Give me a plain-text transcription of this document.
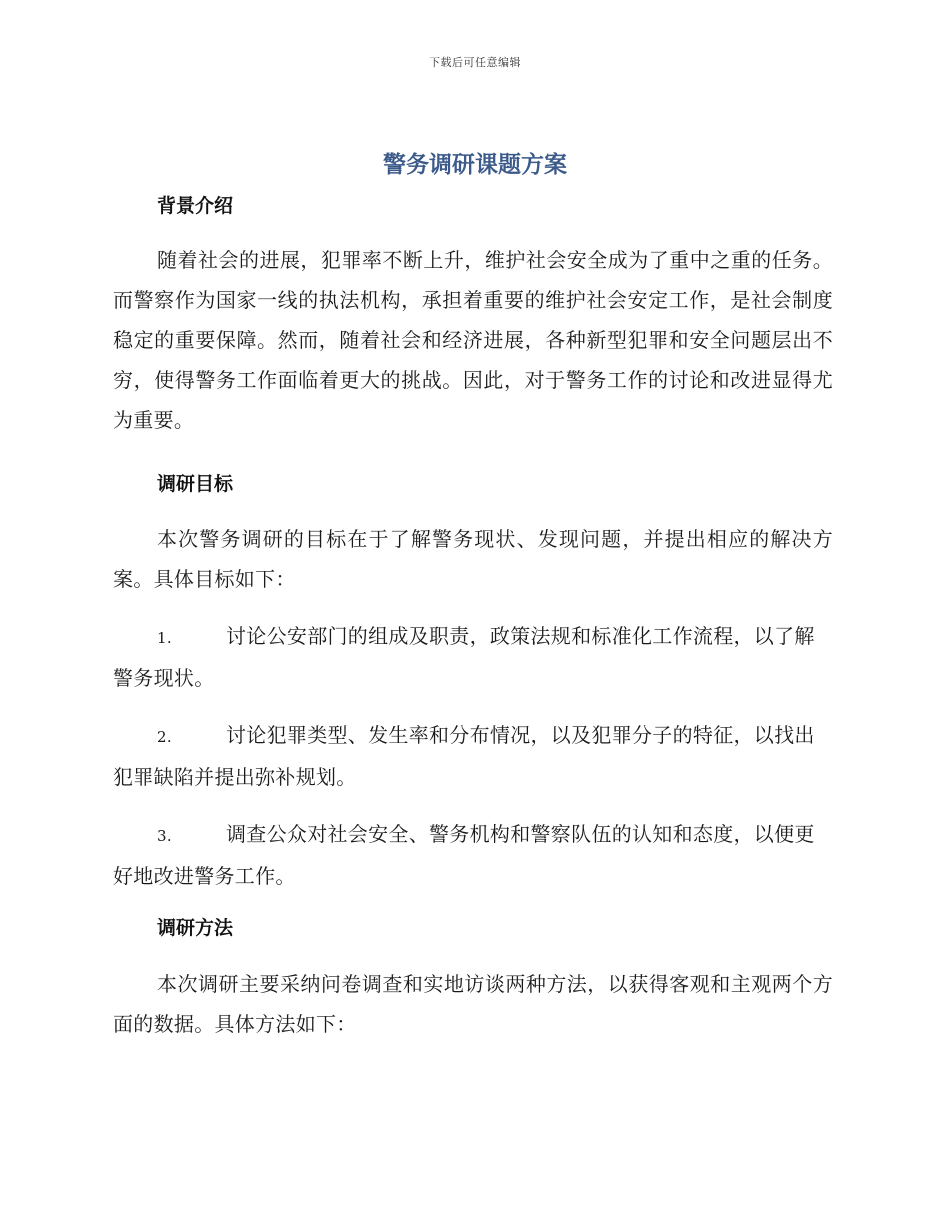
下载后可任意编辑
警务调研课题方案
背景介绍

随着社会的进展，犯罪率不断上升，维护社会安全成为了重中之重的任务。而警察作为国家一线的执法机构，承担着重要的维护社会安定工作，是社会制度稳定的重要保障。然而，随着社会和经济进展，各种新型犯罪和安全问题层出不穷，使得警务工作面临着更大的挑战。因此，对于警务工作的讨论和改进显得尤为重要。

调研目标

本次警务调研的目标在于了解警务现状、发现问题，并提出相应的解决方案。具体目标如下：

1.	讨论公安部门的组成及职责，政策法规和标准化工作流程，以了解警务现状。
2.	讨论犯罪类型、发生率和分布情况，以及犯罪分子的特征，以找出犯罪缺陷并提出弥补规划。
3.	调查公众对社会安全、警务机构和警察队伍的认知和态度，以便更好地改进警务工作。
调研方法

本次调研主要采纳问卷调查和实地访谈两种方法，以获得客观和主观两个方面的数据。具体方法如下：
